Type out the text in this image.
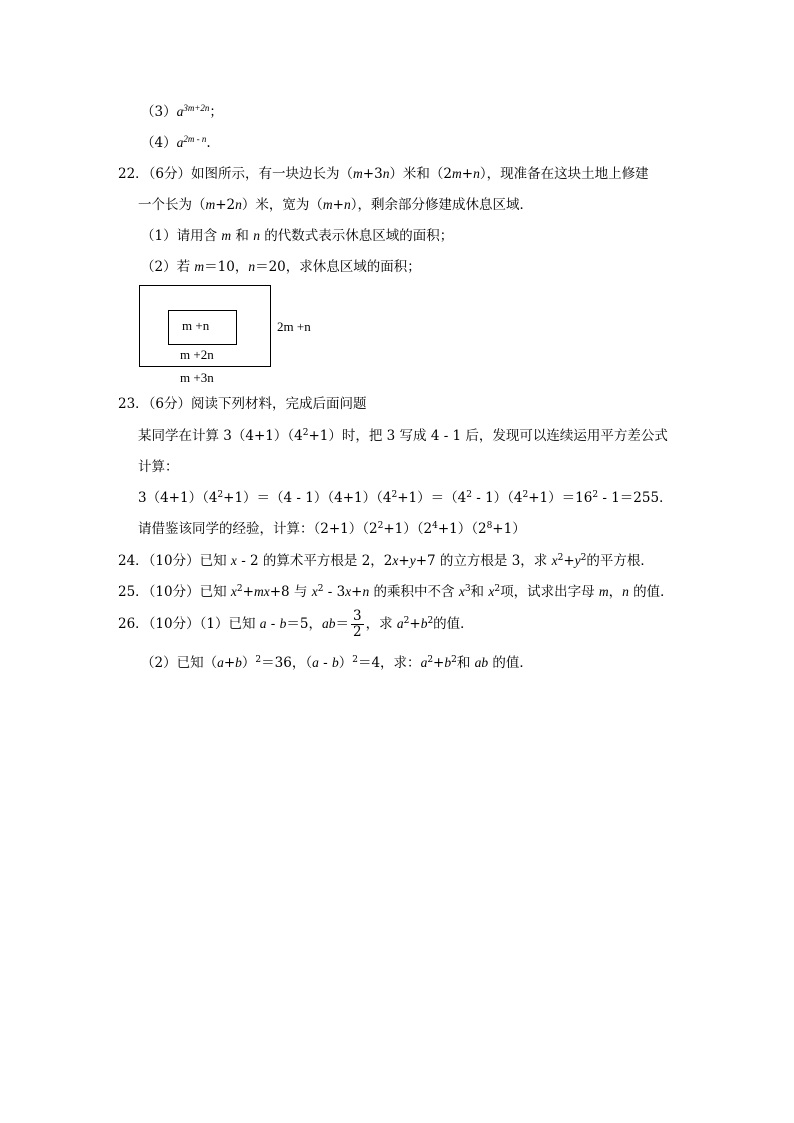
$(3)a^{3m+2n}$；
$(4)a^{2m - n}$.
22．（6分）如图所示，有一块边长为（m+3n）米和（2m+n），现准备在这块土地上修建
一个长为（m+2n）米，宽为（m+n），剩余部分修建成休息区域．
（1）请用含 m 和 n 的代数式表示休息区域的面积；
（2）若 m＝10，n＝20，求休息区域的面积；
m +n
m +2n
2m +n
m +3n
23．（6分）阅读下列材料，完成后面问题
某同学在计算 $3(4+1)(4^2+1)$时，把 3 写成 4 - 1 后，发现可以连续运用平方差公式
计算：
$3(4+1)(4^2+1)=(4 - 1)(4+1)(4^2+1)=(4^2 - 1)(4^2+1)=16^2 - 1=255$．
请借鉴该同学的经验，计算：$(2+1)(2^2+1)(2^4+1)(2^8+1)$
24．（10分）已知 x - 2 的算术平方根是 2，2x+y+7 的立方根是 3，求 $x^2+y^2$的平方根．
25．（10分）已知 $x^2+mx+8$ 与 $x^2 - 3x+n$ 的乘积中不含 $x^3$和 $x^2$项，试求出字母 m，n 的值．
26．（10分）（1）已知 a - b＝5，$ab= \frac{3}{2}$ ，求 $a^2+b^2$的值．
（2）已知$(a+b)^2=36$，（a - b）$^2$＝4，求：$a^2+b^2$和 ab 的值．
